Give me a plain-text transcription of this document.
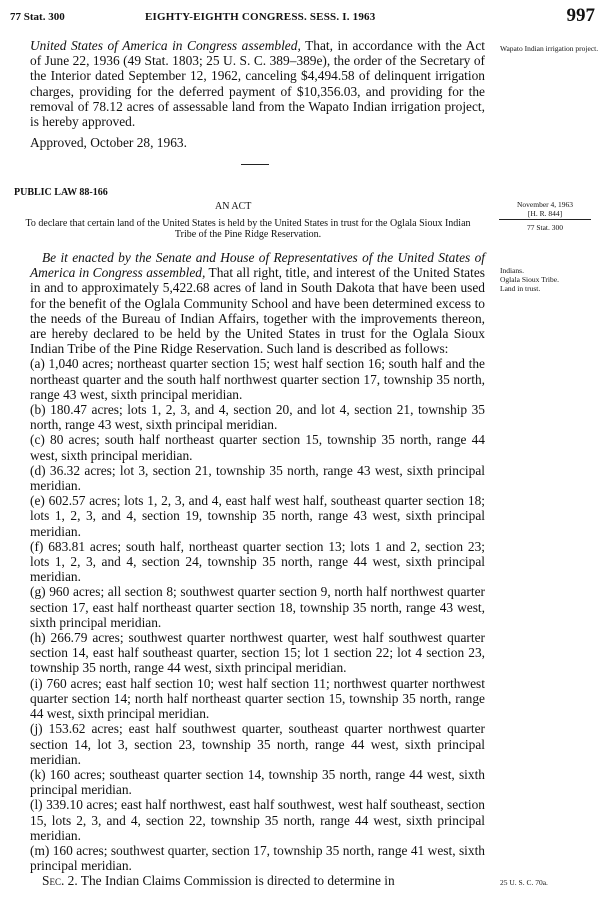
77 Stat. 300	EIGHTY-EIGHTH CONGRESS. SESS. I. 1963	997

United States of America in Congress assembled, That, in accordance with the Act of June 22, 1936 (49 Stat. 1803; 25 U. S. C. 389–389e), the order of the Secretary of the Interior dated September 12, 1962, canceling $4,494.58 of delinquent irrigation charges, providing for the deferred payment of $10,356.03, and providing for the removal of 78.12 acres of assessable land from the Wapato Indian irrigation project, is hereby approved.

Approved, October 28, 1963.

Wapato Indian irrigation project.
PUBLIC LAW 88-166
AN ACT
To declare that certain land of the United States is held by the United States in trust for the Oglala Sioux Indian Tribe of the Pine Ridge Reservation.
November 4, 1963
[H. R. 844]
77 Stat. 300

Be it enacted by the Senate and House of Representatives of the United States of America in Congress assembled, That all right, title, and interest of the United States in and to approximately 5,422.68 acres of land in South Dakota that have been used for the benefit of the Oglala Community School and have been determined excess to the needs of the Bureau of Indian Affairs, together with the improvements thereon, are hereby declared to be held by the United States in trust for the Oglala Sioux Indian Tribe of the Pine Ridge Reservation. Such land is described as follows:

(a) 1,040 acres; northeast quarter section 15; west half section 16; south half and the northeast quarter and the south half northwest quarter section 17, township 35 north, range 43 west, sixth principal meridian.

(b) 180.47 acres; lots 1, 2, 3, and 4, section 20, and lot 4, section 21, township 35 north, range 43 west, sixth principal meridian.

(c) 80 acres; south half northeast quarter section 15, township 35 north, range 44 west, sixth principal meridian.

(d) 36.32 acres; lot 3, section 21, township 35 north, range 43 west, sixth principal meridian.

(e) 602.57 acres; lots 1, 2, 3, and 4, east half west half, southeast quarter section 18; lots 1, 2, 3, and 4, section 19, township 35 north, range 43 west, sixth principal meridian.

(f) 683.81 acres; south half, northeast quarter section 13; lots 1 and 2, section 23; lots 1, 2, 3, and 4, section 24, township 35 north, range 44 west, sixth principal meridian.

(g) 960 acres; all section 8; southwest quarter section 9, north half northwest quarter section 17, east half northeast quarter section 18, township 35 north, range 43 west, sixth principal meridian.

(h) 266.79 acres; southwest quarter northwest quarter, west half southwest quarter section 14, east half southeast quarter, section 15; lot 1 section 22; lot 4 section 23, township 35 north, range 44 west, sixth principal meridian.

(i) 760 acres; east half section 10; west half section 11; northwest quarter northwest quarter section 14; north half northeast quarter section 15, township 35 north, range 44 west, sixth principal meridian.

(j) 153.62 acres; east half southwest quarter, southeast quarter northwest quarter section 14, lot 3, section 23, township 35 north, range 44 west, sixth principal meridian.

(k) 160 acres; southeast quarter section 14, township 35 north, range 44 west, sixth principal meridian.

(l) 339.10 acres; east half northwest, east half southwest, west half southeast, section 15, lots 2, 3, and 4, section 22, township 35 north, range 44 west, sixth principal meridian.

(m) 160 acres; southwest quarter, section 17, township 35 north, range 41 west, sixth principal meridian.

Sec. 2. The Indian Claims Commission is directed to determine in

Indians.
Oglala Sioux Tribe.
Land in trust.
25 U. S. C. 70a.
